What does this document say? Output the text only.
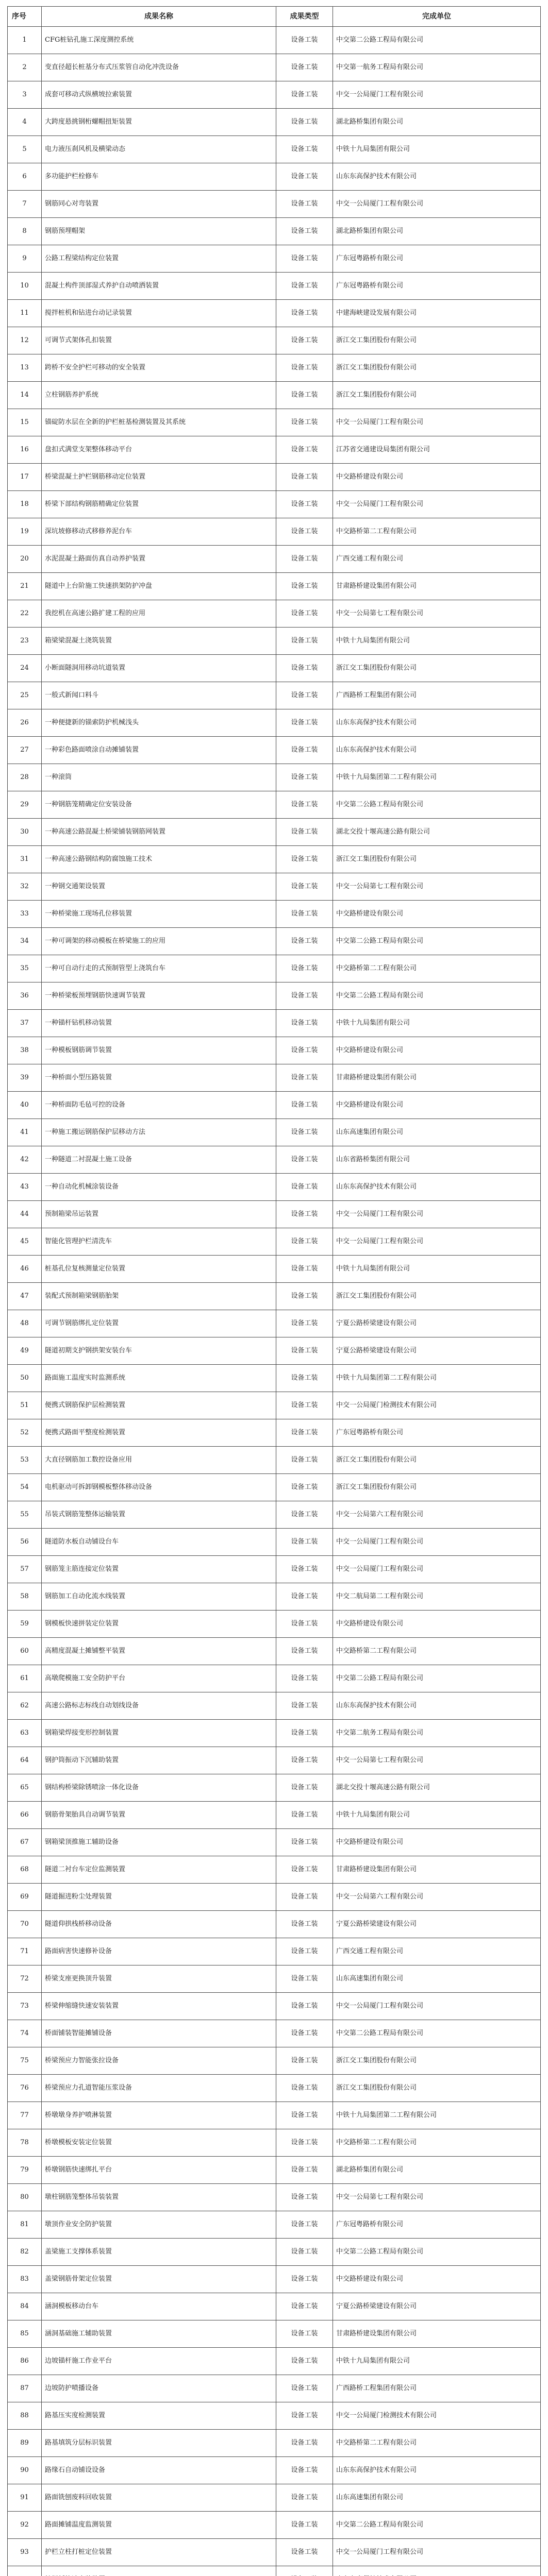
序号	成果名称	成果类型	完成单位
1	CFG桩钻孔施工深度测控系统	设备工装	中交第二公路工程局有限公司
2	变直径超长桩基分布式压浆管自动化冲洗设备	设备工装	中交第一航务工程局有限公司
3	成套可移动式纵横坡拉索装置	设备工装	中交一公局厦门工程有限公司
4	大跨度悬挑钢桁螺帽扭矩装置	设备工装	湖北路桥集团有限公司
5	电力液压刹风机及横梁动态	设备工装	中铁十九局集团有限公司
6	多功能护栏栓修车	设备工装	山东东高保护技术有限公司
7	钢筋同心对弯装置	设备工装	中交一公局厦门工程有限公司
8	钢筋预埋帽架	设备工装	湖北路桥集团有限公司
9	公路工程梁结构定位装置	设备工装	广东冠粤路桥有限公司
10	混凝土构件顶部湿式养护自动喷洒装置	设备工装	广东冠粤路桥有限公司
11	搅拌桩机和钻进台动记录装置	设备工装	中建海峡建设发展有限公司
12	可调节式架体孔扣装置	设备工装	浙江交工集团股份有限公司
13	跨桥不安全护栏可移动的安全装置	设备工装	浙江交工集团股份有限公司
14	立柱钢筋养护系统	设备工装	浙江交工集团股份有限公司
15	锚碇防水层在全新的护栏桩基检测装置及其系统	设备工装	中交一公局厦门工程有限公司
16	盘扣式满堂支架整体移动平台	设备工装	江苏省交通建设局集团有限公司
17	桥梁混凝土护栏钢筋移动定位装置	设备工装	中交路桥建设有限公司
18	桥梁下部结构钢筋精确定位装置	设备工装	中交一公局厦门工程有限公司
19	深坑坡修移动式移修养泥台车	设备工装	中交路桥第二工程有限公司
20	水泥混凝土路面仿真自动养护装置	设备工装	广西交通工程有限公司
21	隧道中上台阶施工快速拱架防护冲盘	设备工装	甘肃路桥建设集团有限公司
22	我挖机在高速公路扩建工程的应用	设备工装	中交一公局第七工程有限公司
23	箱梁梁混凝土浇筑装置	设备工装	中铁十九局集团有限公司
24	小断面隧洞用移动坑道装置	设备工装	浙江交工集团股份有限公司
25	一般式新闻口料斗	设备工装	广西路桥工程集团有限公司
26	一种便捷新的锚索防护机械浅头	设备工装	山东东高保护技术有限公司
27	一种彩色路面喷涂自动摊铺装置	设备工装	山东东高保护技术有限公司
28	一种滚筒	设备工装	中铁十九局集团第二工程有限公司
29	一种钢筋笼精确定位安装设备	设备工装	中交第二公路工程局有限公司
30	一种高速公路混凝土桥梁铺装钢筋网装置	设备工装	湖北交投十堰高速公路有限公司
31	一种高速公路钢结构防腐蚀施工技术	设备工装	浙江交工集团股份有限公司
32	一种钢交通架设装置	设备工装	中交一公局第七工程有限公司
33	一种桥梁施工现场孔位移装置	设备工装	中交路桥建设有限公司
34	一种可调架的移动模板在桥梁施工的应用	设备工装	中交第二公路工程局有限公司
35	一种可自动行走的式预制管型上浇筑台车	设备工装	中交路桥第二工程有限公司
36	一种桥梁板预埋钢筋快速调节装置	设备工装	中交第二公路工程局有限公司
37	一种锚杆钻机移动装置	设备工装	中铁十九局集团有限公司
38	一种模板钢筋调节装置	设备工装	中交路桥建设有限公司
39	一种桥面小型压路装置	设备工装	甘肃路桥建设集团有限公司
40	一种桥面防毛毡可控的设备	设备工装	中交路桥建设有限公司
41	一种施工搬运钢筋保护层移动方法	设备工装	山东高速集团有限公司
42	一种隧道二衬混凝土施工设备	设备工装	山东省路桥集团有限公司
43	一种自动化机械涂装设备	设备工装	山东东高保护技术有限公司
44	预制箱梁吊运装置	设备工装	中交一公局厦门工程有限公司
45	智能化管理护栏清洗车	设备工装	中交一公局厦门工程有限公司
46	桩基孔位复核测量定位装置	设备工装	中铁十九局集团有限公司
47	装配式预制箱梁钢筋胎架	设备工装	浙江交工集团股份有限公司
48	可调节钢筋绑扎定位装置	设备工装	宁夏公路桥梁建设有限公司
49	隧道初期支护钢拱架安装台车	设备工装	宁夏公路桥梁建设有限公司
50	路面施工温度实时监测系统	设备工装	中铁十九局集团第二工程有限公司
51	便携式钢筋保护层检测装置	设备工装	中交一公局厦门检测技术有限公司
52	便携式路面平整度检测装置	设备工装	广东冠粤路桥有限公司
53	大直径钢筋加工数控设备应用	设备工装	浙江交工集团股份有限公司
54	电机驱动可拆卸钢模板整体移动设备	设备工装	浙江交工集团股份有限公司
55	吊装式钢筋笼整体运输装置	设备工装	中交一公局第六工程有限公司
56	隧道防水板自动铺设台车	设备工装	中交一公局厦门工程有限公司
57	钢筋笼主筋连接定位装置	设备工装	中交一公局厦门工程有限公司
58	钢筋加工自动化流水线装置	设备工装	中交二航局第二工程有限公司
59	钢模板快速拼装定位装置	设备工装	中交路桥建设有限公司
60	高精度混凝土摊铺整平装置	设备工装	中交路桥第二工程有限公司
61	高墩爬模施工安全防护平台	设备工装	中交第二公路工程局有限公司
62	高速公路标志标线自动划线设备	设备工装	山东东高保护技术有限公司
63	钢箱梁焊接变形控制装置	设备工装	中交第二航务工程局有限公司
64	钢护筒振动下沉辅助装置	设备工装	中交一公局第七工程有限公司
65	钢结构桥梁除锈喷涂一体化设备	设备工装	湖北交投十堰高速公路有限公司
66	钢筋骨架胎具自动调节装置	设备工装	中铁十九局集团有限公司
67	钢箱梁顶推施工辅助设备	设备工装	中交路桥建设有限公司
68	隧道二衬台车定位监测装置	设备工装	甘肃路桥建设集团有限公司
69	隧道掘进粉尘处理装置	设备工装	中交一公局第六工程有限公司
70	隧道仰拱栈桥移动设备	设备工装	宁夏公路桥梁建设有限公司
71	路面病害快速修补设备	设备工装	广西交通工程有限公司
72	桥梁支座更换顶升装置	设备工装	山东高速集团有限公司
73	桥梁伸缩缝快速安装装置	设备工装	中交一公局厦门工程有限公司
74	桥面铺装智能摊铺设备	设备工装	中交第二公路工程局有限公司
75	桥梁预应力智能张拉设备	设备工装	浙江交工集团股份有限公司
76	桥梁预应力孔道智能压浆设备	设备工装	浙江交工集团股份有限公司
77	桥墩墩身养护喷淋装置	设备工装	中铁十九局集团第二工程有限公司
78	桥墩模板安装定位装置	设备工装	中交路桥第二工程有限公司
79	桥墩钢筋快速绑扎平台	设备工装	湖北路桥集团有限公司
80	墩柱钢筋笼整体吊装装置	设备工装	中交一公局第七工程有限公司
81	墩顶作业安全防护装置	设备工装	广东冠粤路桥有限公司
82	盖梁施工支撑体系装置	设备工装	中交第二公路工程局有限公司
83	盖梁钢筋骨架定位装置	设备工装	中交路桥建设有限公司
84	涵洞模板移动台车	设备工装	宁夏公路桥梁建设有限公司
85	涵洞基础施工辅助装置	设备工装	甘肃路桥建设集团有限公司
86	边坡锚杆施工作业平台	设备工装	中铁十九局集团有限公司
87	边坡防护喷播设备	设备工装	广西路桥工程集团有限公司
88	路基压实度检测装置	设备工装	中交一公局厦门检测技术有限公司
89	路基填筑分层标识装置	设备工装	中交路桥第二工程有限公司
90	路缘石自动铺设设备	设备工装	山东东高保护技术有限公司
91	路面铣刨废料回收装置	设备工装	山东高速集团有限公司
92	路面摊铺温度监测装置	设备工装	中交第二公路工程局有限公司
93	护栏立柱打桩定位装置	设备工装	中交一公局厦门工程有限公司
